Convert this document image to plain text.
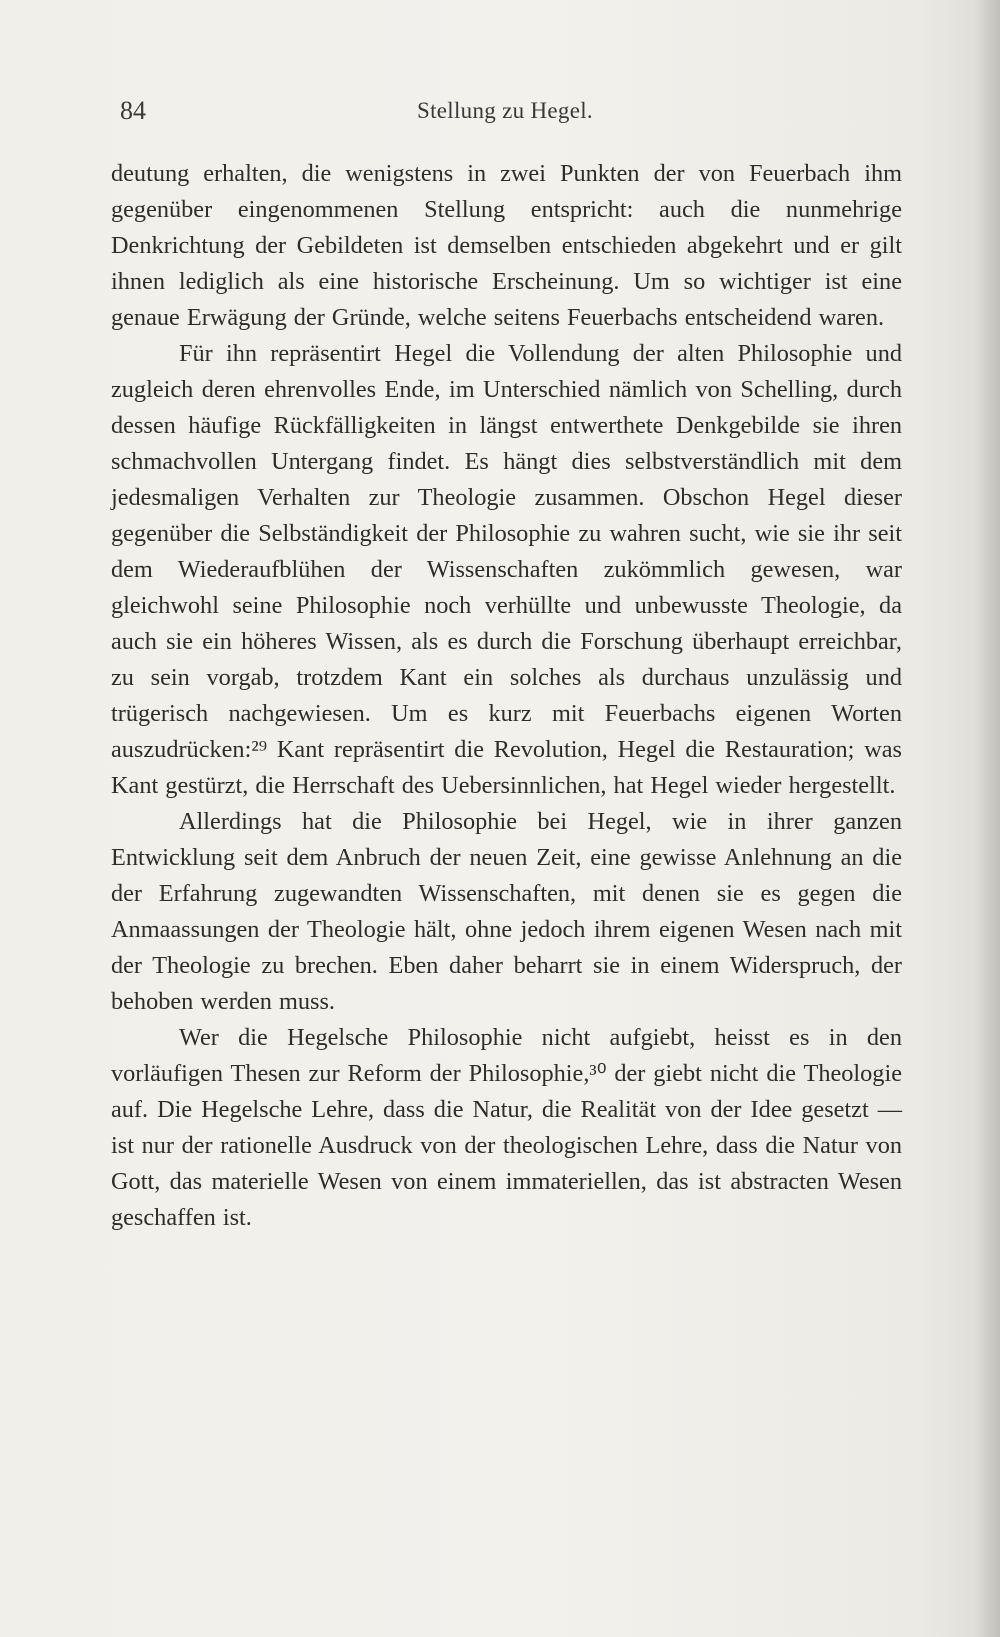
84	Stellung zu Hegel.

deutung erhalten, die wenigstens in zwei Punkten der von Feuerbach ihm gegenüber eingenommenen Stellung entspricht: auch die nunmehrige Denkrichtung der Gebildeten ist demselben entschieden abgekehrt und er gilt ihnen lediglich als eine historische Erscheinung. Um so wichtiger ist eine genaue Erwägung der Gründe, welche seitens Feuerbachs entscheidend waren.

Für ihn repräsentirt Hegel die Vollendung der alten Philosophie und zugleich deren ehrenvolles Ende, im Unterschied nämlich von Schelling, durch dessen häufige Rückfälligkeiten in längst entwerthete Denkgebilde sie ihren schmachvollen Untergang findet. Es hängt dies selbstverständlich mit dem jedesmaligen Verhalten zur Theologie zusammen. Obschon Hegel dieser gegenüber die Selbständigkeit der Philosophie zu wahren sucht, wie sie ihr seit dem Wiederaufblühen der Wissenschaften zukömmlich gewesen, war gleichwohl seine Philosophie noch verhüllte und unbewusste Theologie, da auch sie ein höheres Wissen, als es durch die Forschung überhaupt erreichbar, zu sein vorgab, trotzdem Kant ein solches als durchaus unzulässig und trügerisch nachgewiesen. Um es kurz mit Feuerbachs eigenen Worten auszudrücken:²⁹ Kant repräsentirt die Revolution, Hegel die Restauration; was Kant gestürzt, die Herrschaft des Uebersinnlichen, hat Hegel wieder hergestellt.

Allerdings hat die Philosophie bei Hegel, wie in ihrer ganzen Entwicklung seit dem Anbruch der neuen Zeit, eine gewisse Anlehnung an die der Erfahrung zugewandten Wissenschaften, mit denen sie es gegen die Anmaassungen der Theologie hält, ohne jedoch ihrem eigenen Wesen nach mit der Theologie zu brechen. Eben daher beharrt sie in einem Widerspruch, der behoben werden muss.

Wer die Hegelsche Philosophie nicht aufgiebt, heisst es in den vorläufigen Thesen zur Reform der Philosophie,³⁰ der giebt nicht die Theologie auf. Die Hegelsche Lehre, dass die Natur, die Realität von der Idee gesetzt — ist nur der rationelle Ausdruck von der theologischen Lehre, dass die Natur von Gott, das materielle Wesen von einem immateriellen, das ist abstracten Wesen geschaffen ist.
